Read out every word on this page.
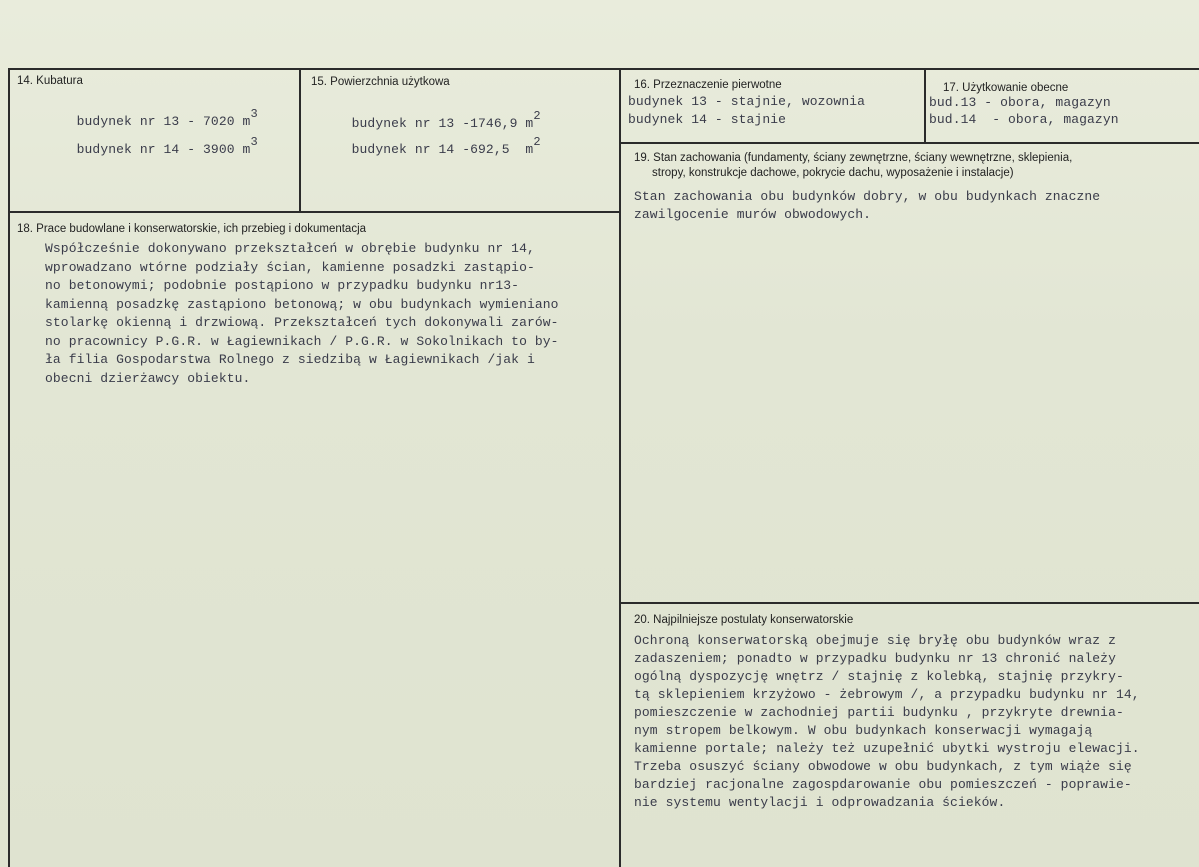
14. Kubatura

budynek nr 13 - 7020 m3

budynek nr 14 - 3900 m3

15. Powierzchnia użytkowa

budynek nr 13 -1746,9 m2

budynek nr 14 -692,5  m2

16. Przeznaczenie pierwotne
budynek 13 - stajnie, wozownia
budynek 14 - stajnie
17. Użytkowanie obecne
bud.13 - obora, magazyn
bud.14  - obora, magazyn
18. Prace budowlane i konserwatorskie, ich przebieg i dokumentacja
Współcześnie dokonywano przekształceń w obrębie budynku nr 14,
wprowadzano wtórne podziały ścian, kamienne posadzki zastąpio-
no betonowymi; podobnie postąpiono w przypadku budynku nr13-
kamienną posadzkę zastąpiono betonową; w obu budynkach wymieniano
stolarkę okienną i drzwiową. Przekształceń tych dokonywali zarów-
no pracownicy P.G.R. w Łagiewnikach / P.G.R. w Sokolnikach to by-
ła filia Gospodarstwa Rolnego z siedzibą w Łagiewnikach /jak i
obecni dzierżawcy obiektu.
19. Stan zachowania (fundamenty, ściany zewnętrzne, ściany wewnętrzne, sklepienia,
stropy, konstrukcje dachowe, pokrycie dachu, wyposażenie i instalacje)
Stan zachowania obu budynków dobry, w obu budynkach znaczne
zawilgocenie murów obwodowych.
20. Najpilniejsze postulaty konserwatorskie
Ochroną konserwatorską obejmuje się bryłę obu budynków wraz z
zadaszeniem; ponadto w przypadku budynku nr 13 chronić należy
ogólną dyspozycję wnętrz / stajnię z kolebką, stajnię przykry-
tą sklepieniem krzyżowo - żebrowym /, a przypadku budynku nr 14,
pomieszczenie w zachodniej partii budynku , przykryte drewnia-
nym stropem belkowym. W obu budynkach konserwacji wymagają
kamienne portale; należy też uzupełnić ubytki wystroju elewacji.
Trzeba osuszyć ściany obwodowe w obu budynkach, z tym wiąże się
bardziej racjonalne zagospdarowanie obu pomieszczeń - poprawie-
nie systemu wentylacji i odprowadzania ścieków.
